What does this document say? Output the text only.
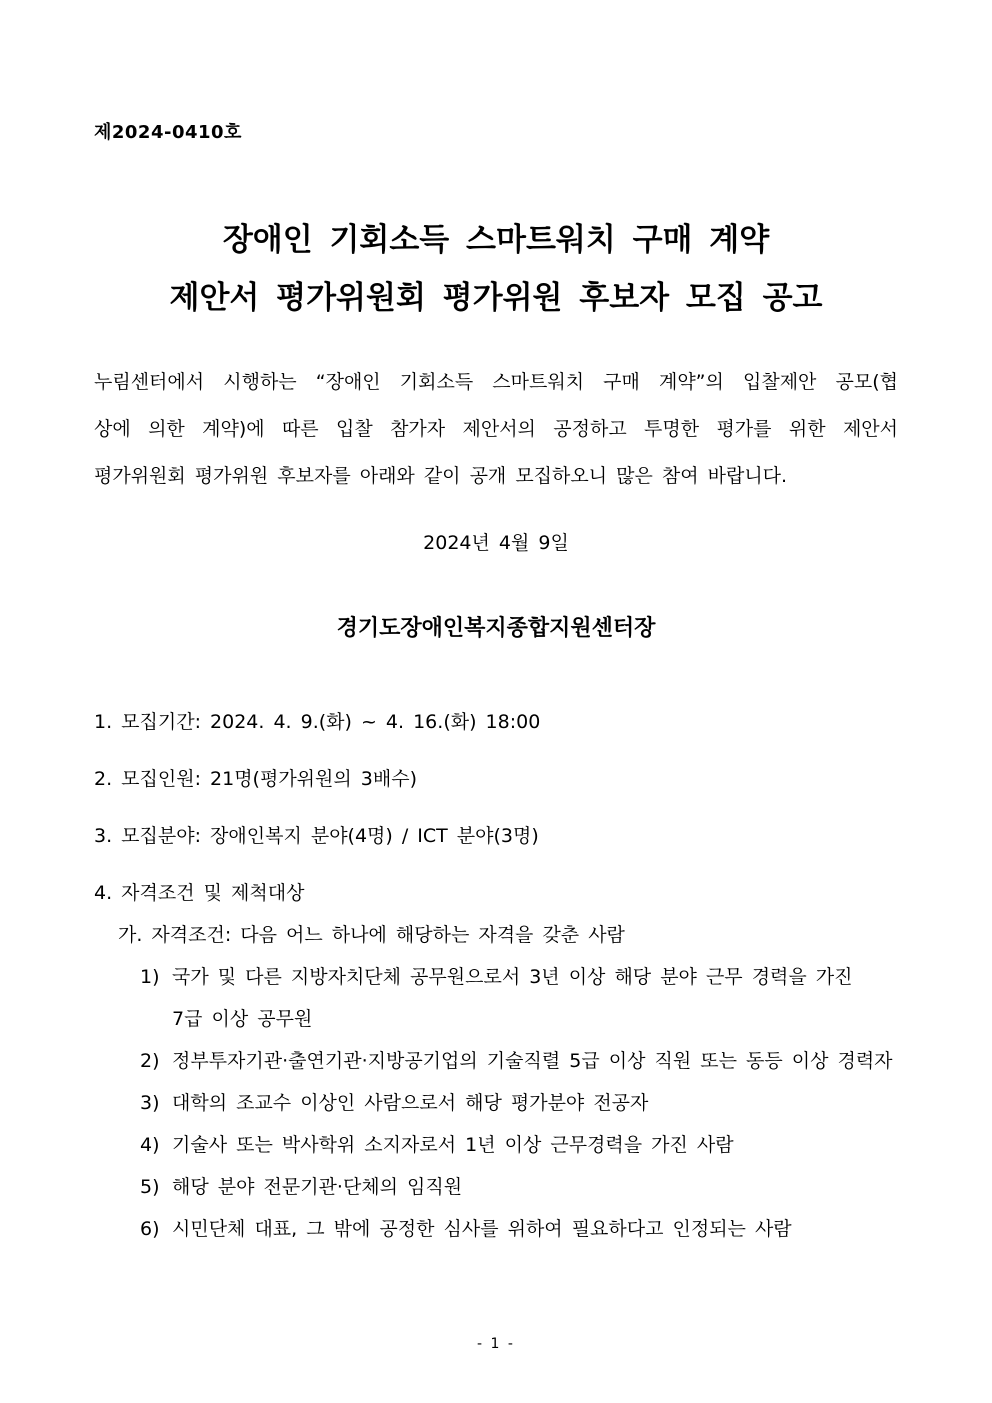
제2024-0410호
장애인 기회소득 스마트워치 구매 계약
제안서 평가위원회 평가위원 후보자 모집 공고
누림센터에서 시행하는 “장애인 기회소득 스마트워치 구매 계약”의 입찰제안 공모(협
상에 의한 계약)에 따른 입찰 참가자 제안서의 공정하고 투명한 평가를 위한 제안서
평가위원회 평가위원 후보자를 아래와 같이 공개 모집하오니 많은 참여 바랍니다.
2024년 4월 9일
경기도장애인복지종합지원센터장
1. 모집기간: 2024. 4. 9.(화) ~ 4. 16.(화) 18:00
2. 모집인원: 21명(평가위원의 3배수)
3. 모집분야: 장애인복지 분야(4명) / ICT 분야(3명)
4. 자격조건 및 제척대상
가. 자격조건: 다음 어느 하나에 해당하는 자격을 갖춘 사람
1) 국가 및 다른 지방자치단체 공무원으로서 3년 이상 해당 분야 근무 경력을 가진
7급 이상 공무원
2) 정부투자기관·출연기관·지방공기업의 기술직렬 5급 이상 직원 또는 동등 이상 경력자
3) 대학의 조교수 이상인 사람으로서 해당 평가분야 전공자
4) 기술사 또는 박사학위 소지자로서 1년 이상 근무경력을 가진 사람
5) 해당 분야 전문기관·단체의 임직원
6) 시민단체 대표, 그 밖에 공정한 심사를 위하여 필요하다고 인정되는 사람
- 1 -
